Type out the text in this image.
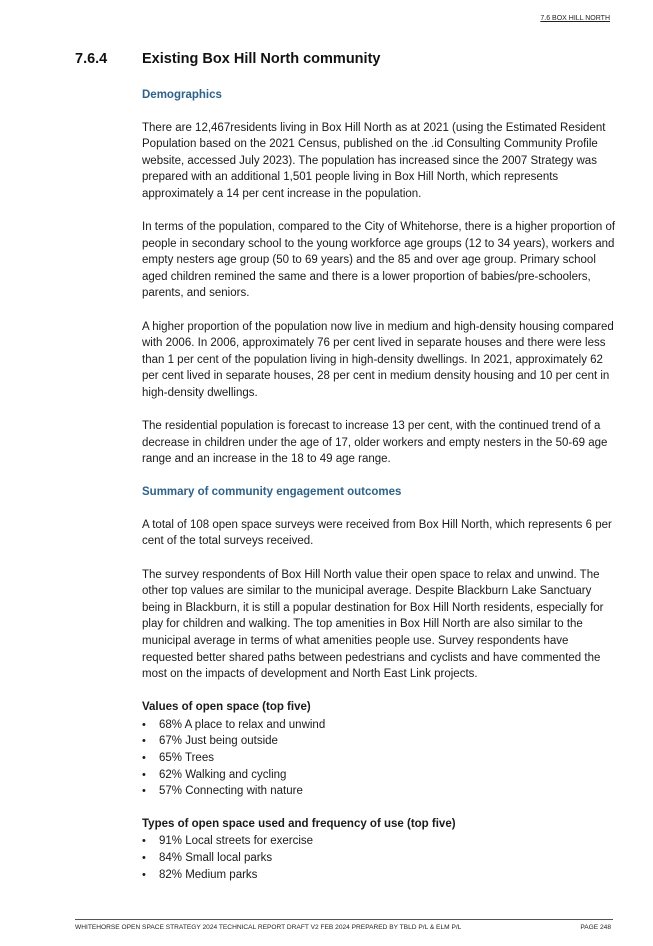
7.6 BOX HILL NORTH
7.6.4 Existing Box Hill North community
Demographics

There are 12,467residents living in Box Hill North as at 2021 (using the Estimated Resident Population based on the 2021 Census, published on the .id Consulting Community Profile website, accessed July 2023). The population has increased since the 2007 Strategy was prepared with an additional 1,501 people living in Box Hill North, which represents approximately a 14 per cent increase in the population.

In terms of the population, compared to the City of Whitehorse, there is a higher proportion of people in secondary school to the young workforce age groups (12 to 34 years), workers and empty nesters age group (50 to 69 years) and the 85 and over age group. Primary school aged children remined the same and there is a lower proportion of babies/pre-schoolers, parents, and seniors.

A higher proportion of the population now live in medium and high-density housing compared with 2006. In 2006, approximately 76 per cent lived in separate houses and there were less than 1 per cent of the population living in high-density dwellings. In 2021, approximately 62 per cent lived in separate houses, 28 per cent in medium density housing and 10 per cent in high-density dwellings.

The residential population is forecast to increase 13 per cent, with the continued trend of a decrease in children under the age of 17, older workers and empty nesters in the 50-69 age range and an increase in the 18 to 49 age range.

Summary of community engagement outcomes

A total of 108 open space surveys were received from Box Hill North, which represents 6 per cent of the total surveys received.

The survey respondents of Box Hill North value their open space to relax and unwind. The other top values are similar to the municipal average. Despite Blackburn Lake Sanctuary being in Blackburn, it is still a popular destination for Box Hill North residents, especially for play for children and walking. The top amenities in Box Hill North are also similar to the municipal average in terms of what amenities people use. Survey respondents have requested better shared paths between pedestrians and cyclists and have commented the most on the impacts of development and North East Link projects.

Values of open space (top five)
• 68% A place to relax and unwind
• 67% Just being outside
• 65% Trees
• 62% Walking and cycling
• 57% Connecting with nature
Types of open space used and frequency of use (top five)
• 91% Local streets for exercise
• 84% Small local parks
• 82% Medium parks
WHITEHORSE OPEN SPACE STRATEGY 2024 TECHNICAL REPORT DRAFT V2 FEB 2024 PREPARED BY TBLD P/L & ELM P/L	PAGE 248
